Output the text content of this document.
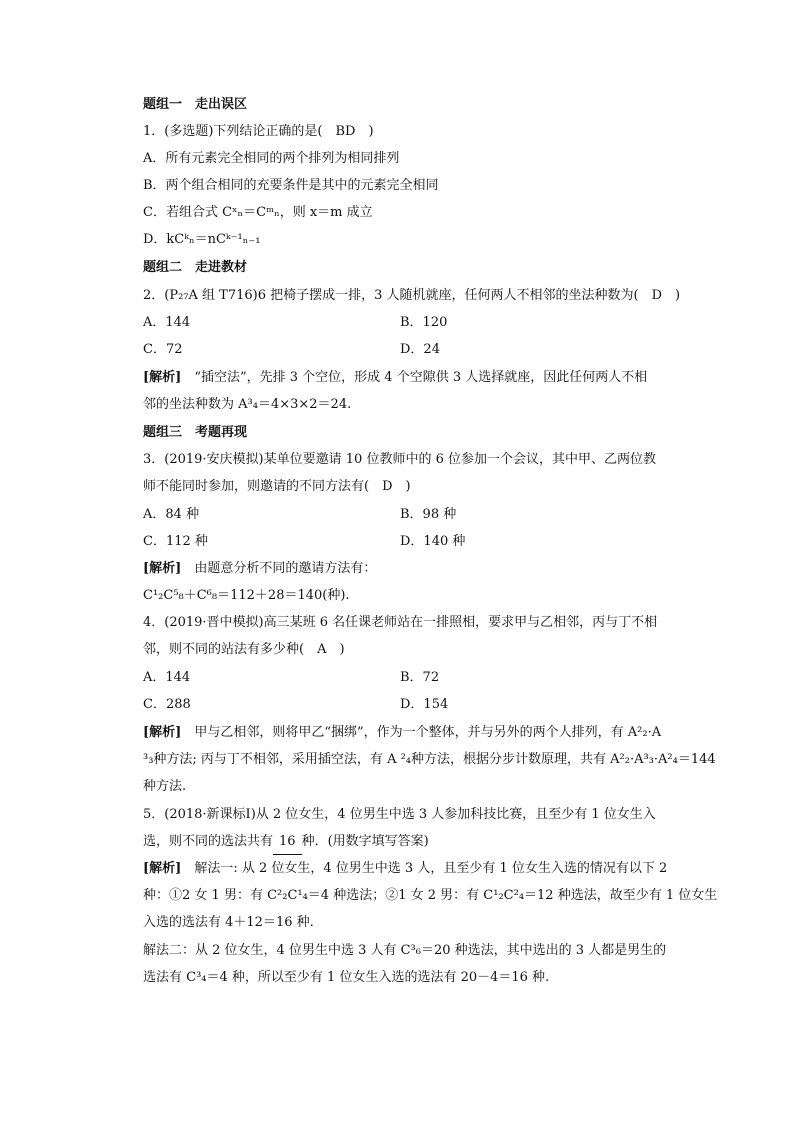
题组一　走出误区
1．(多选题)下列结论正确的是(　BD　)
A．所有元素完全相同的两个排列为相同排列
B．两个组合相同的充要条件是其中的元素完全相同
C．若组合式 Cˣₙ＝Cᵐₙ，则 x＝m 成立
D．kCᵏₙ＝nCᵏ⁻¹ₙ₋₁
题组二　走进教材
2．(P₂₇A 组 T716)6 把椅子摆成一排，3 人随机就座，任何两人不相邻的坐法种数为(　D　)
A．144	B．120
C．72	D．24
[解析]　 “插空法”，先排 3 个空位，形成 4 个空隙供 3 人选择就座，因此任何两人不相
邻的坐法种数为 A³₄＝4×3×2＝24.
题组三　考题再现
3．(2019·安庆模拟)某单位要邀请 10 位教师中的 6 位参加一个会议，其中甲、乙两位教
师不能同时参加，则邀请的不同方法有(　D　)
A．84 种	B．98 种
C．112 种	D．140 种
[解析]　 由题意分析不同的邀请方法有：
C¹₂C⁵₈＋C⁶₈＝112＋28＝140(种).
4．(2019·晋中模拟)高三某班 6 名任课老师站在一排照相，要求甲与乙相邻，丙与丁不相
邻，则不同的站法有多少种(　A　)
A．144	B．72
C．288	D．154
[解析]　 甲与乙相邻，则将甲乙“捆绑”，作为一个整体，并与另外的两个人排列，有 A²₂·A
³₃种方法; 丙与丁不相邻，采用插空法，有 A ²₄种方法，根据分步计数原理，共有 A²₂·A³₃·A²₄＝144
种方法.
5．(2018·新课标Ⅰ)从 2 位女生，4 位男生中选 3 人参加科技比赛，且至少有 1 位女生入
选，则不同的选法共有 16 种．(用数字填写答案)
[解析]　 解法一: 从 2 位女生，4 位男生中选 3 人，且至少有 1 位女生入选的情况有以下 2
种：①2 女 1 男：有 C²₂C¹₄＝4 种选法；②1 女 2 男：有 C¹₂C²₄＝12 种选法，故至少有 1 位女生
入选的选法有 4＋12＝16 种.
解法二：从 2 位女生，4 位男生中选 3 人有 C³₆＝20 种选法，其中选出的 3 人都是男生的
选法有 C³₄＝4 种，所以至少有 1 位女生入选的选法有 20－4＝16 种.
